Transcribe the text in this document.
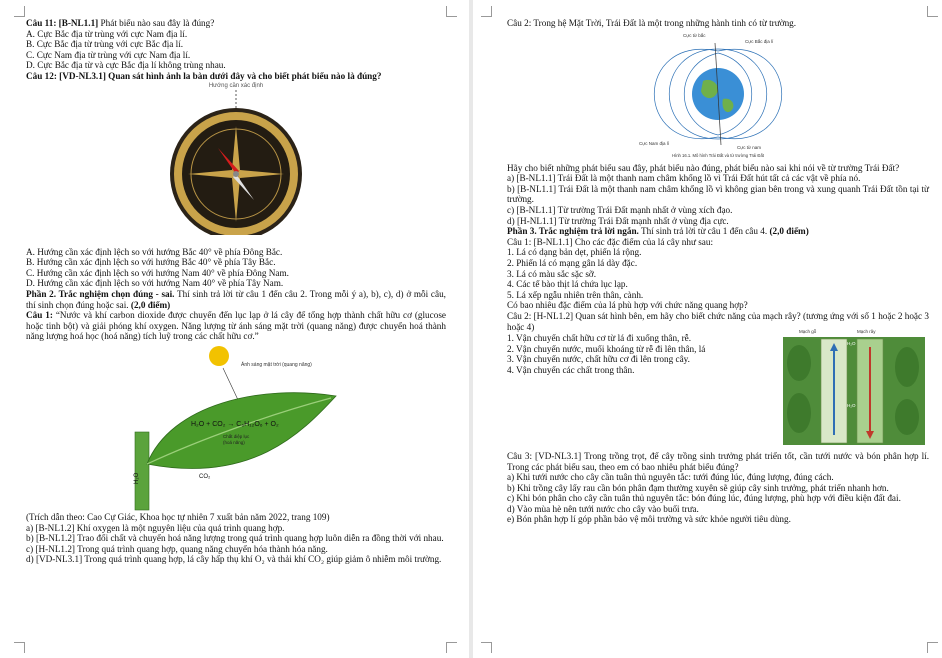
Câu 11: [B-NL1.1] Phát biểu nào sau đây là đúng?
A. Cực Bắc địa từ trùng với cực Nam địa lí.
B. Cực Bắc địa từ trùng với cực Bắc địa lí.
C. Cực Nam địa từ trùng với cực Nam địa lí.
D. Cực Bắc địa từ và cực Bắc địa lí không trùng nhau.
Câu 12: [VD-NL3.1] Quan sát hình ảnh la bàn dưới đây và cho biết phát biểu nào là đúng?
Hướng cần xác định
A. Hướng cần xác định lệch so với hướng Bắc 40° về phía Đông Bắc.
B. Hướng cần xác định lệch so với hướng Bắc 40° về phía Tây Bắc.
C. Hướng cần xác định lệch so với hướng Nam 40° về phía Đông Nam.
D. Hướng cần xác định lệch so với hướng Nam 40° về phía Tây Nam.
Phần 2. Trắc nghiệm chọn đúng - sai. Thí sinh trả lời từ câu 1 đến câu 2. Trong mỗi ý a), b), c), d) ở mỗi câu, thí sinh chọn đúng hoặc sai. (2,0 điểm)
Câu 1: “Nước và khí carbon dioxide được chuyển đến lục lạp ở lá cây để tổng hợp thành chất hữu cơ (glucose hoặc tinh bột) và giải phóng khí oxygen. Năng lượng từ ánh sáng mặt trời (quang năng) được chuyển hoá thành năng lượng hoá học (hoá năng) tích luỹ trong các chất hữu cơ.”
Ánh sáng mặt trời (quang năng)
H₂O + CO₂ → C₆H₁₂O₆ + O₂
Chất diệp lục
(hoá năng)
CO₂
H₂O
(Trích dẫn theo: Cao Cự Giác, Khoa học tự nhiên 7 xuất bản năm 2022, trang 109)
a) [B-NL1.2] Khí oxygen là một nguyên liệu của quá trình quang hợp.
b) [B-NL1.2] Trao đổi chất và chuyển hoá năng lượng trong quá trình quang hợp luôn diễn ra đồng thời với nhau.
c) [H-NL1.2] Trong quá trình quang hợp, quang năng chuyển hóa thành hóa năng.
d) [VD-NL3.1] Trong quá trình quang hợp, lá cây hấp thụ khí O₂ và thải khí CO₂ giúp giảm ô nhiễm môi trường.
Câu 2: Trong hệ Mặt Trời, Trái Đất là một trong những hành tinh có từ trường.
Cực từ bắc
Cực Bắc địa lí
Cực Nam địa lí
Cực từ nam
Hình 16.1. Mô hình Trái Đất và từ trường Trái Đất
Hãy cho biết những phát biểu sau đây, phát biểu nào đúng, phát biểu nào sai khi nói về từ trường Trái Đất?
a) [B-NL1.1] Trái Đất là một thanh nam châm khổng lồ vì Trái Đất hút tất cả các vật về phía nó.
b) [B-NL1.1] Trái Đất là một thanh nam châm khổng lồ vì không gian bên trong và xung quanh Trái Đất tồn tại từ trường.
c) [B-NL1.1] Từ trường Trái Đất mạnh nhất ở vùng xích đạo.
d) [H-NL1.1] Từ trường Trái Đất mạnh nhất ở vùng địa cực.
Phần 3. Trắc nghiệm trả lời ngắn. Thí sinh trả lời từ câu 1 đến câu 4. (2,0 điểm)
Câu 1: [B-NL1.1] Cho các đặc điểm của lá cây như sau:
1. Lá có dạng bản dẹt, phiến lá rộng.
2. Phiến lá có mạng gân lá dày đặc.
3. Lá có màu sắc sặc sỡ.
4. Các tế bào thịt lá chứa lục lạp.
5. Lá xếp ngẫu nhiên trên thân, cành.
Có bao nhiêu đặc điểm của lá phù hợp với chức năng quang hợp?
Câu 2: [H-NL1.2] Quan sát hình bên, em hãy cho biết chức năng của mạch rây? (tương ứng với số 1 hoặc 2 hoặc 3 hoặc 4)
1. Vận chuyển chất hữu cơ từ lá đi xuống thân, rễ.
2. Vận chuyển nước, muối khoáng từ rễ đi lên thân, lá
3. Vận chuyển nước, chất hữu cơ đi lên trong cây.
4. Vận chuyển các chất trong thân.
Mạch gỗ	Mạch rây
H₂O
H₂O
Câu 3: [VD-NL3.1] Trong trồng trọt, để cây trồng sinh trưởng phát triển tốt, cần tưới nước và bón phân hợp lí. Trong các phát biểu sau, theo em có bao nhiêu phát biểu đúng?
a) Khi tưới nước cho cây cần tuân thủ nguyên tắc: tưới đúng lúc, đúng lượng, đúng cách.
b) Khi trồng cây lấy rau cần bón phân đạm thường xuyên sẽ giúp cây sinh trưởng, phát triển nhanh hơn.
c) Khi bón phân cho cây cần tuân thủ nguyên tắc: bón đúng lúc, đúng lượng, phù hợp với điều kiện đất đai.
d) Vào mùa hè nên tưới nước cho cây vào buổi trưa.
e) Bón phân hợp lí góp phần bảo vệ môi trường và sức khỏe người tiêu dùng.
